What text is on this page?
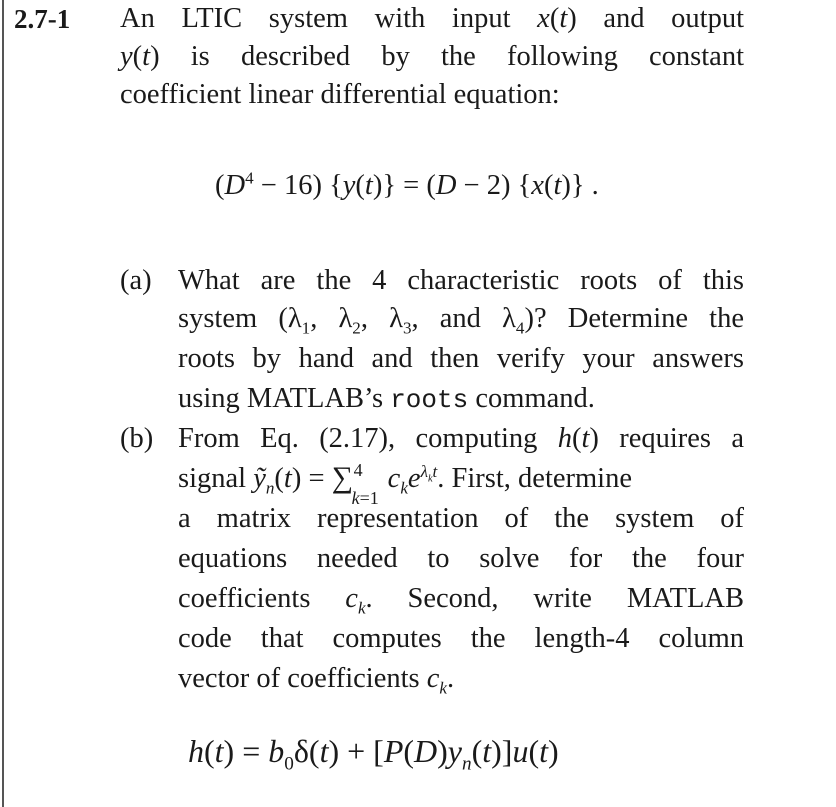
2.7-1 An LTIC system with input x(t) and output
y(t) is described by the following constant
coefficient linear differential equation:
$(D^4 - 16) \{y(t)\} = (D - 2)$ {x(t)} .
(a) What are the 4 characteristic roots of this
system ($\lambda_1$, $\lambda_2$, $\lambda_3$, and $\lambda_4$)? Determine the
roots by hand and then verify your answers
using MATLAB’s roots command.
(b) From Eq. (2.17), computing h(t) requires a
signal ỹ$_n$(t) = ∑ 4
k=1
$c_ke^{\lambda_kt}$. First, determine
a matrix representation of the system of
equations needed to solve for the four
coefficients $c_k$. Second, write MATLAB
code that computes the length-4 column
vector of coefficients $c_k$.
$h(t) = b_0\delta(t) + [P(D)y_n(t)]u(t)$
